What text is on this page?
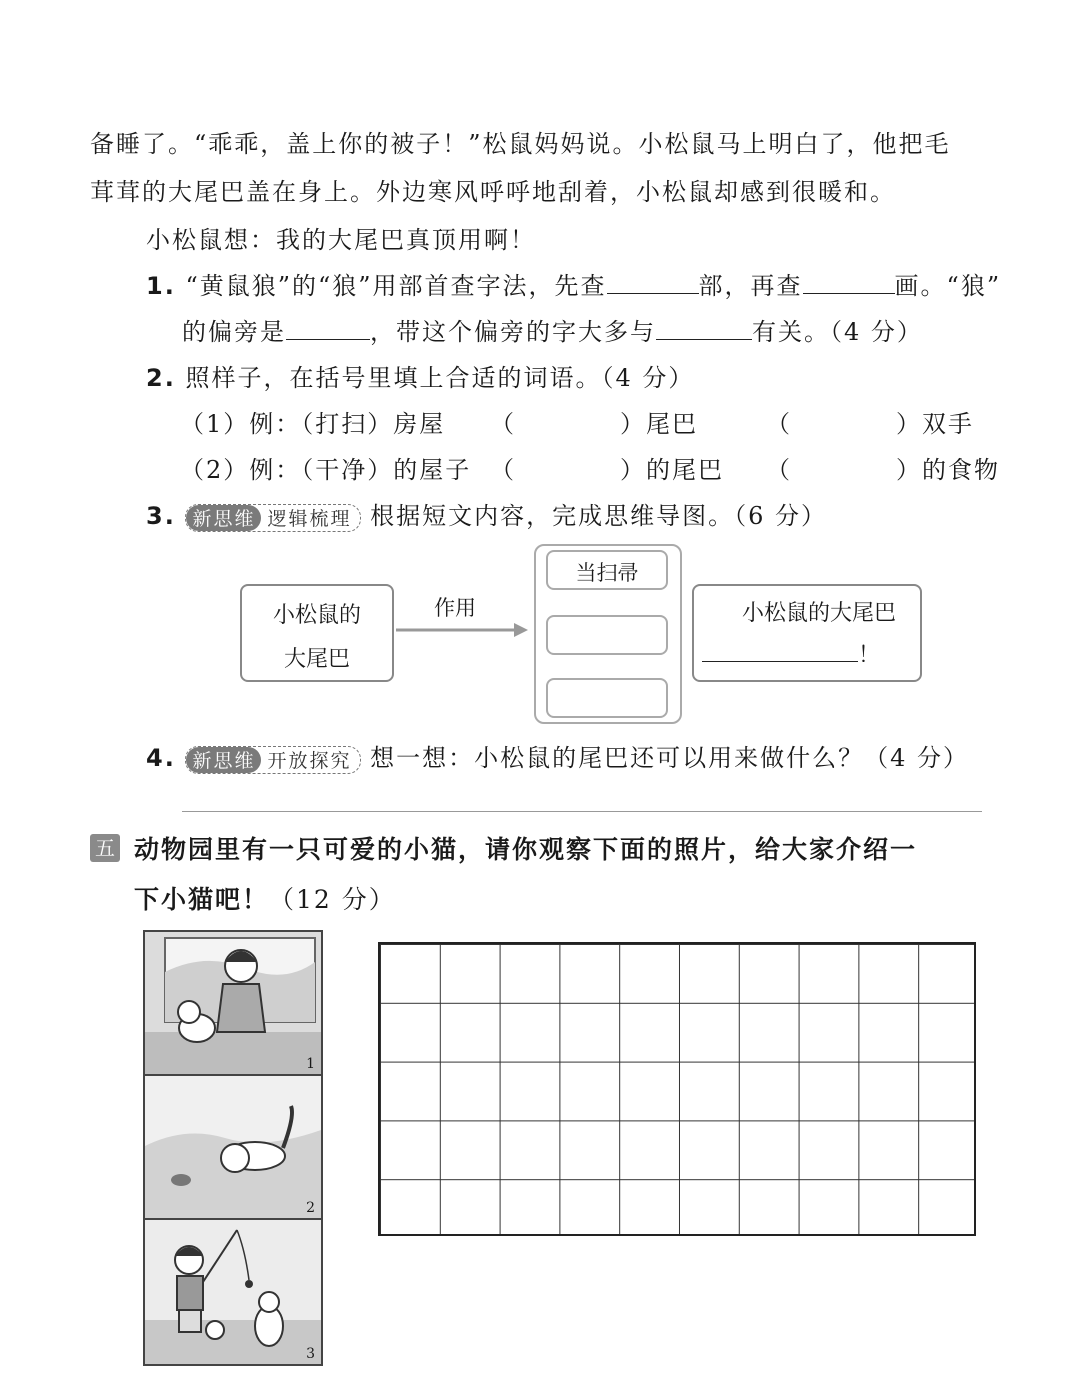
备睡了。“乖乖，盖上你的被子！”松鼠妈妈说。小松鼠马上明白了，他把毛
茸茸的大尾巴盖在身上。外边寒风呼呼地刮着，小松鼠却感到很暖和。
小松鼠想：我的大尾巴真顶用啊！
1. “黄鼠狼”的“狼”用部首查字法，先查	部，再查	画。“狼”
的偏旁是	，带这个偏旁的字大多与	有关。（4 分）
2. 照样子，在括号里填上合适的词语。（4 分）
（1）例：（打扫）房屋 （　　　　）尾巴	（　　　　）双手
（2）例：（干净）的屋子 （　　　　）的尾巴 （　　　　）的食物
3. 新思维 逻辑梳理 根据短文内容，完成思维导图。（6 分）
小松鼠的
大尾巴
作用
当扫帚
小松鼠的大尾巴
！
4. 新思维 开放探究 想一想：小松鼠的尾巴还可以用来做什么？（4 分）
五 动物园里有一只可爱的小猫，请你观察下面的照片，给大家介绍一
下小猫吧！（12 分）
1
2
3
